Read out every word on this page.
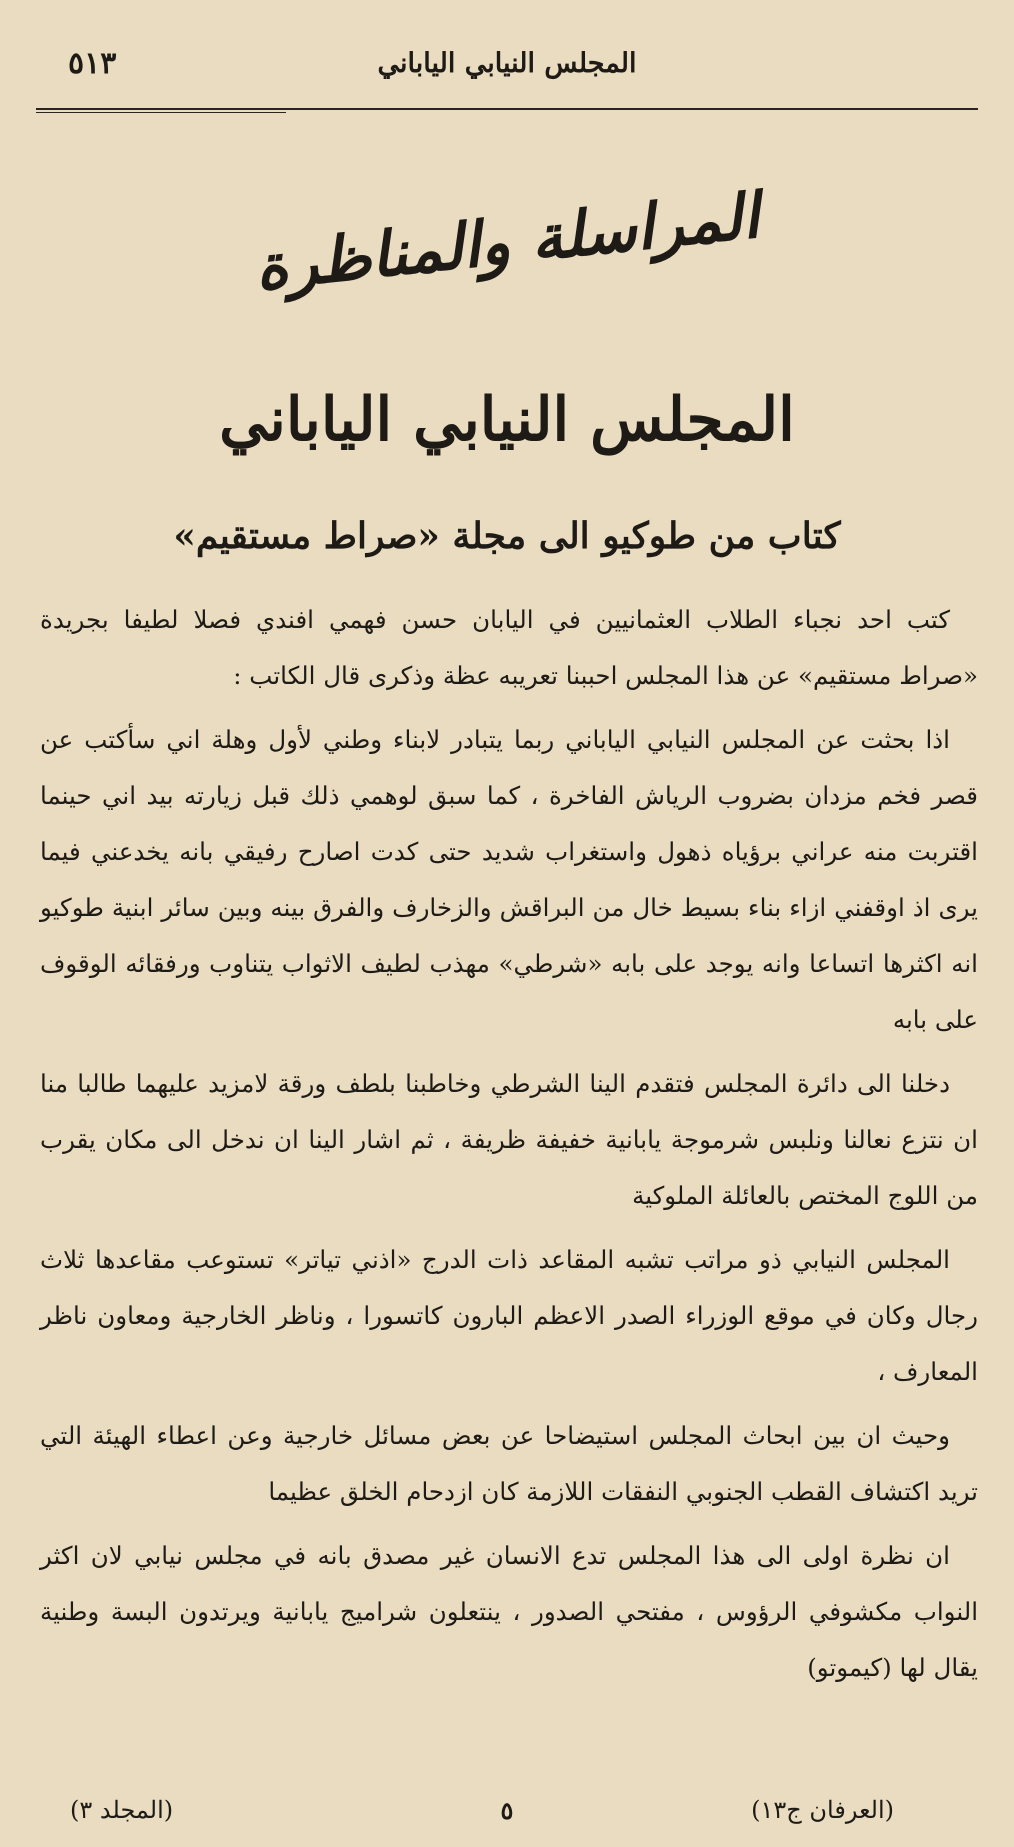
المجلس النيابي الياباني
٥١٣
المراسلة والمناظرة
المجلس النيابي الياباني
كتاب من طوكيو الى مجلة «صراط مستقيم»

كتب احد نجباء الطلاب العثمانيين في اليابان حسن فهمي افندي فصلا لطيفا بجريدة «صراط مستقيم» عن هذا المجلس احببنا تعريبه عظة وذكرى قال الكاتب :

اذا بحثت عن المجلس النيابي الياباني ربما يتبادر لابناء وطني لأول وهلة اني سأكتب عن قصر فخم مزدان بضروب الرياش الفاخرة ، كما سبق لوهمي ذلك قبل زيارته بيد اني حينما اقتربت منه عراني برؤياه ذهول واستغراب شديد حتى كدت اصارح رفيقي بانه يخدعني فيما يرى اذ اوقفني ازاء بناء بسيط خال من البراقش والزخارف والفرق بينه وبين سائر ابنية طوكيو انه اكثرها اتساعا وانه يوجد على بابه «شرطي» مهذب لطيف الاثواب يتناوب ورفقائه الوقوف على بابه

دخلنا الى دائرة المجلس فتقدم الينا الشرطي وخاطبنا بلطف ورقة لامزيد عليهما طالبا منا ان نتزع نعالنا ونلبس شرموجة يابانية خفيفة ظريفة ، ثم اشار الينا ان ندخل الى مكان يقرب من اللوج المختص بالعائلة الملوكية

المجلس النيابي ذو مراتب تشبه المقاعد ذات الدرج «اذني تياتر» تستوعب مقاعدها ثلاث رجال وكان في موقع الوزراء الصدر الاعظم البارون كاتسورا ، وناظر الخارجية ومعاون ناظر المعارف ،

وحيث ان بين ابحاث المجلس استيضاحا عن بعض مسائل خارجية وعن اعطاء الهيئة التي تريد اكتشاف القطب الجنوبي النفقات اللازمة كان ازدحام الخلق عظيما

ان نظرة اولى الى هذا المجلس تدع الانسان غير مصدق بانه في مجلس نيابي لان اكثر النواب مكشوفي الرؤوس ، مفتحي الصدور ، ينتعلون شراميج يابانية ويرتدون البسة وطنية يقال لها (كيموتو)

(العرفان ج١٣)
٥
(المجلد ٣)
